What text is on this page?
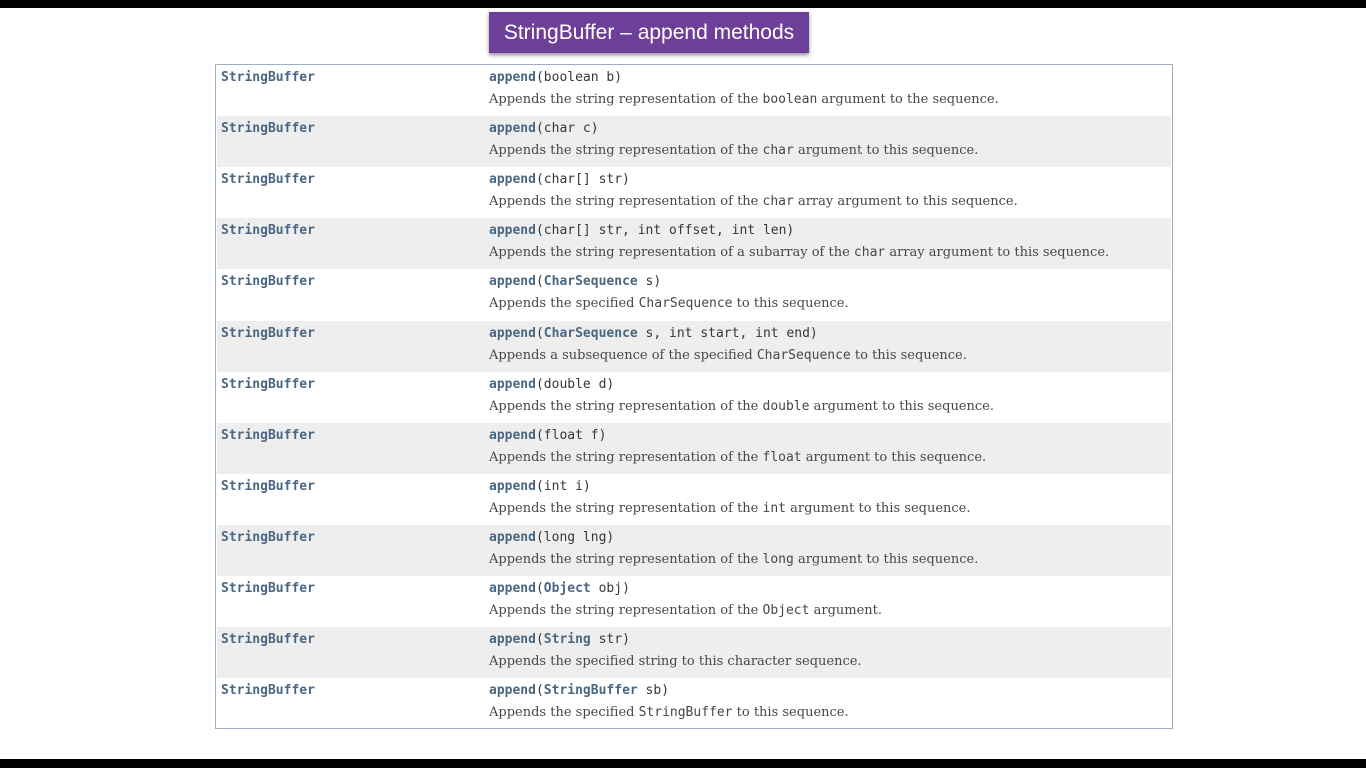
StringBuffer – append methods
StringBuffer	append(boolean b)
Appends the string representation of the boolean argument to the sequence.
StringBuffer	append(char c)
Appends the string representation of the char argument to this sequence.
StringBuffer	append(char[] str)
Appends the string representation of the char array argument to this sequence.
StringBuffer	append(char[] str, int offset, int len)
Appends the string representation of a subarray of the char array argument to this sequence.
StringBuffer	append(CharSequence s)
Appends the specified CharSequence to this sequence.
StringBuffer	append(CharSequence s, int start, int end)
Appends a subsequence of the specified CharSequence to this sequence.
StringBuffer	append(double d)
Appends the string representation of the double argument to this sequence.
StringBuffer	append(float f)
Appends the string representation of the float argument to this sequence.
StringBuffer	append(int i)
Appends the string representation of the int argument to this sequence.
StringBuffer	append(long lng)
Appends the string representation of the long argument to this sequence.
StringBuffer	append(Object obj)
Appends the string representation of the Object argument.
StringBuffer	append(String str)
Appends the specified string to this character sequence.
StringBuffer	append(StringBuffer sb)
Appends the specified StringBuffer to this sequence.
